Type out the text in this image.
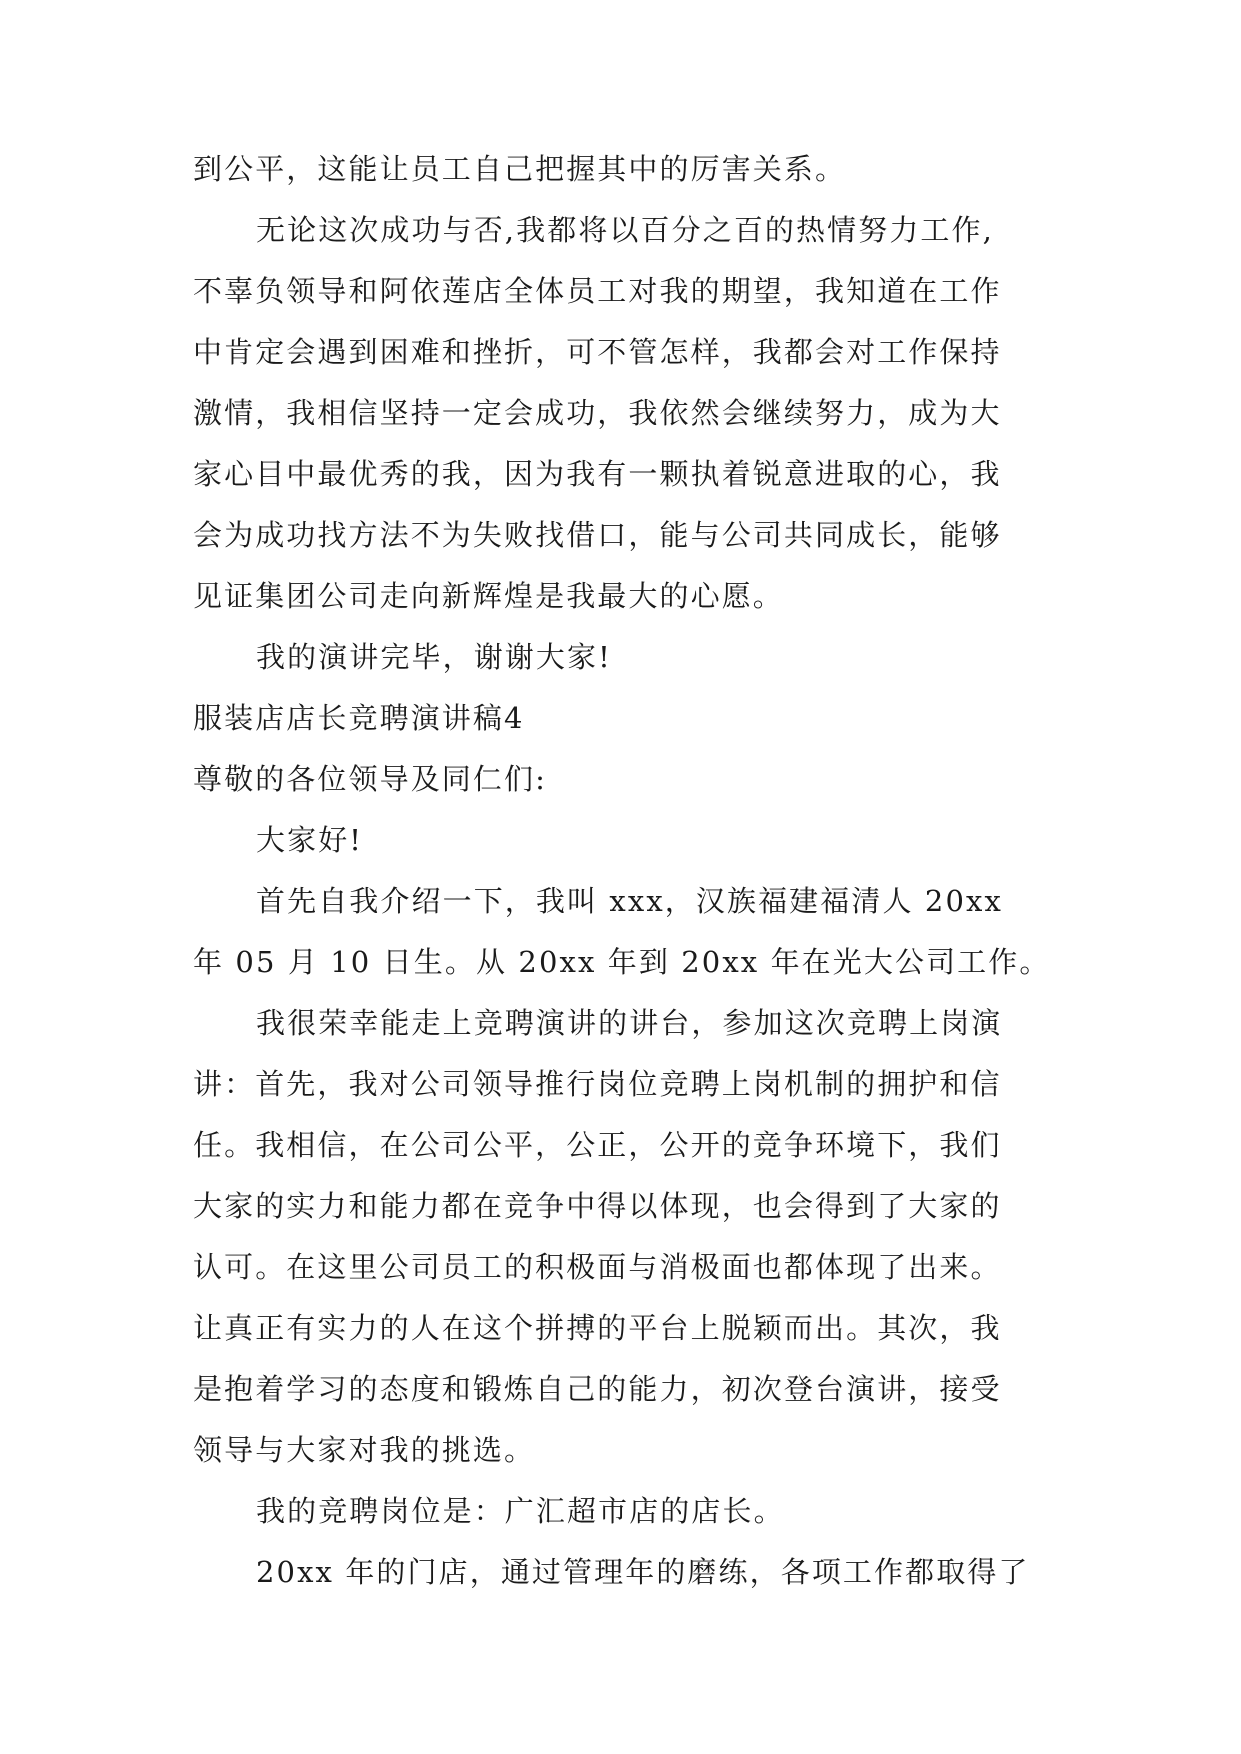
到公平，这能让员工自己把握其中的厉害关系。

无论这次成功与否,我都将以百分之百的热情努力工作,

不辜负领导和阿依莲店全体员工对我的期望，我知道在工作

中肯定会遇到困难和挫折，可不管怎样，我都会对工作保持

激情，我相信坚持一定会成功，我依然会继续努力，成为大

家心目中最优秀的我，因为我有一颗执着锐意进取的心，我

会为成功找方法不为失败找借口，能与公司共同成长，能够

见证集团公司走向新辉煌是我最大的心愿。

我的演讲完毕，谢谢大家!

服装店店长竞聘演讲稿4

尊敬的各位领导及同仁们:

大家好!

首先自我介绍一下，我叫 xxx，汉族福建福清人 20xx

年 05 月 10 日生。从 20xx 年到 20xx 年在光大公司工作。

我很荣幸能走上竞聘演讲的讲台，参加这次竞聘上岗演

讲：首先，我对公司领导推行岗位竞聘上岗机制的拥护和信

任。我相信，在公司公平，公正，公开的竞争环境下，我们

大家的实力和能力都在竞争中得以体现，也会得到了大家的

认可。在这里公司员工的积极面与消极面也都体现了出来。

让真正有实力的人在这个拼搏的平台上脱颖而出。其次，我

是抱着学习的态度和锻炼自己的能力，初次登台演讲，接受

领导与大家对我的挑选。

我的竞聘岗位是：广汇超市店的店长。

20xx 年的门店，通过管理年的磨练，各项工作都取得了
